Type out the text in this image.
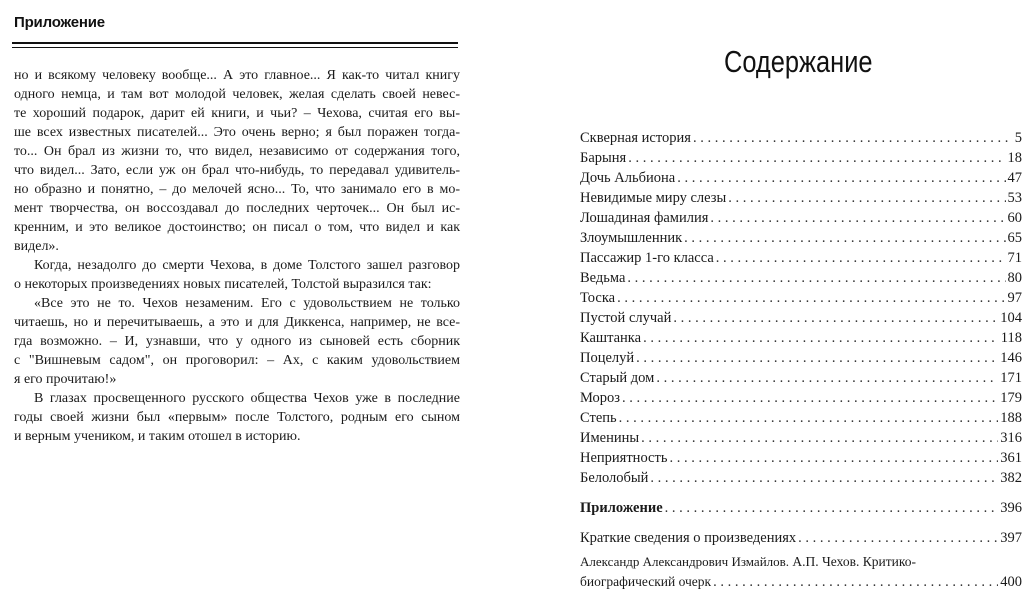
Приложение
но и всякому человеку вообще... А это главное... Я как-то читал книгу
одного немца, и там вот молодой человек, желая сделать своей невес-
те хороший подарок, дарит ей книги, и чьи? – Чехова, считая его вы-
ше всех известных писателей... Это очень верно; я был поражен тогда-
то... Он брал из жизни то, что видел, независимо от содержания того,
что видел... Зато, если уж он брал что-нибудь, то передавал удивитель-
но образно и понятно, – до мелочей ясно... То, что занимало его в мо-
мент творчества, он воссоздавал до последних черточек... Он был ис-
кренним, и это великое достоинство; он писал о том, что видел и как
видел».
Когда, незадолго до смерти Чехова, в доме Толстого зашел разговор
о некоторых произведениях новых писателей, Толстой выразился так:
«Все это не то. Чехов незаменим. Его с удовольствием не только
читаешь, но и перечитываешь, а это и для Диккенса, например, не все-
гда возможно. – И, узнавши, что у одного из сыновей есть сборник
с "Вишневым садом", он проговорил: – Ах, с каким удовольствием
я его прочитаю!»
В глазах просвещенного русского общества Чехов уже в последние
годы своей жизни был «первым» после Толстого, родным его сыном
и верным учеником, и таким отошел в историю.
Содержание
Скверная история . . .	5
Барыня . . .	18
Дочь Альбиона . . .	47
Невидимые миру слезы . . .	53
Лошадиная фамилия . . .	60
Злоумышленник . . .	65
Пассажир 1-го класса . . .	71
Ведьма . . .	80
Тоска . . .	97
Пустой случай . . .	104
Каштанка . . .	118
Поцелуй . . .	146
Старый дом . . .	171
Мороз . . .	179
Степь . . .	188
Именины . . .	316
Неприятность . . .	361
Белолобый . . .	382
Приложение . . .	396
Краткие сведения о произведениях . . .	397
Александр Александрович Измайлов. А.П. Чехов. Критико-
биографический очерк . . .	400
